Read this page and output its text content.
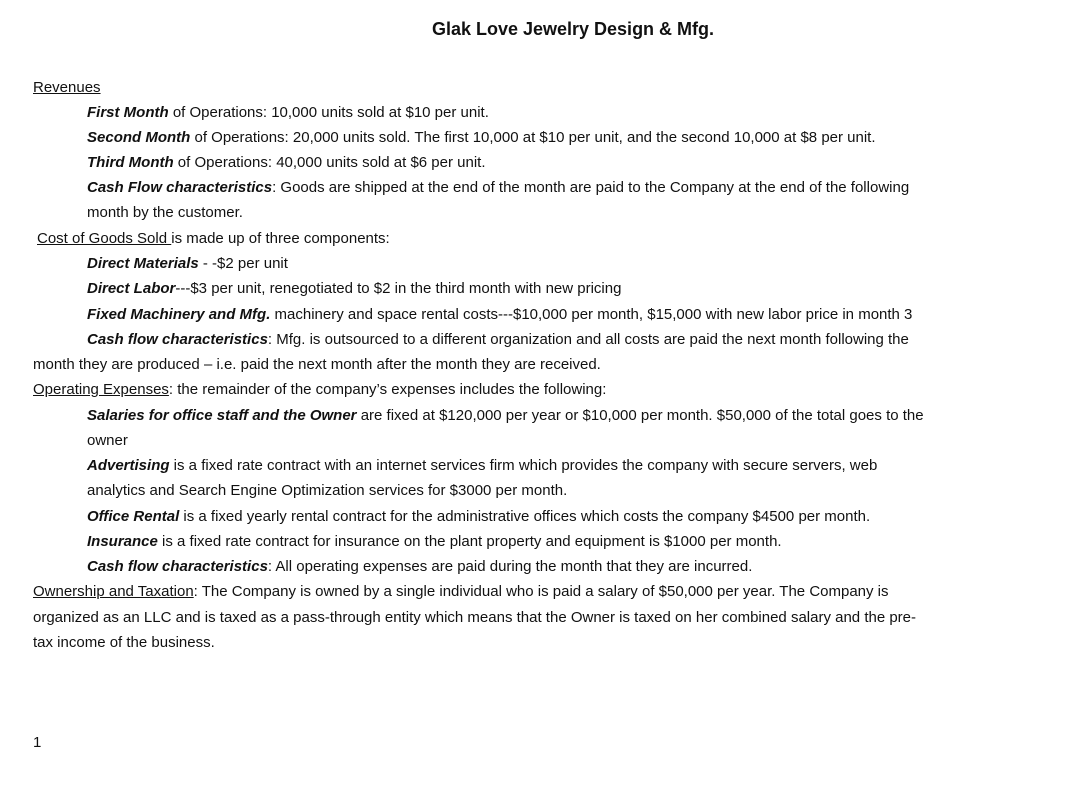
Glak Love Jewelry Design & Mfg.
Revenues
First Month of Operations: 10,000 units sold at $10 per unit.
Second Month of Operations: 20,000 units sold. The first 10,000 at $10 per unit, and the second 10,000 at $8 per unit.
Third Month of Operations: 40,000 units sold at $6 per unit.
Cash Flow characteristics: Goods are shipped at the end of the month are paid to the Company at the end of the following
month by the customer.
Cost of Goods Sold is made up of three components:
Direct Materials - -$2 per unit
Direct Labor---$3 per unit, renegotiated to $2 in the third month with new pricing
Fixed Machinery and Mfg. machinery and space rental costs---$10,000 per month, $15,000 with new labor price in month 3
Cash flow characteristics: Mfg. is outsourced to a different organization and all costs are paid the next month following the
month they are produced – i.e. paid the next month after the month they are received.
Operating Expenses: the remainder of the company’s expenses includes the following:
Salaries for office staff and the Owner are fixed at $120,000 per year or $10,000 per month. $50,000 of the total goes to the
owner
Advertising is a fixed rate contract with an internet services firm which provides the company with secure servers, web
analytics and Search Engine Optimization services for $3000 per month.
Office Rental is a fixed yearly rental contract for the administrative offices which costs the company $4500 per month.
Insurance is a fixed rate contract for insurance on the plant property and equipment is $1000 per month.
Cash flow characteristics: All operating expenses are paid during the month that they are incurred.
Ownership and Taxation: The Company is owned by a single individual who is paid a salary of $50,000 per year. The Company is
organized as an LLC and is taxed as a pass-through entity which means that the Owner is taxed on her combined salary and the pre-
tax income of the business.
1
